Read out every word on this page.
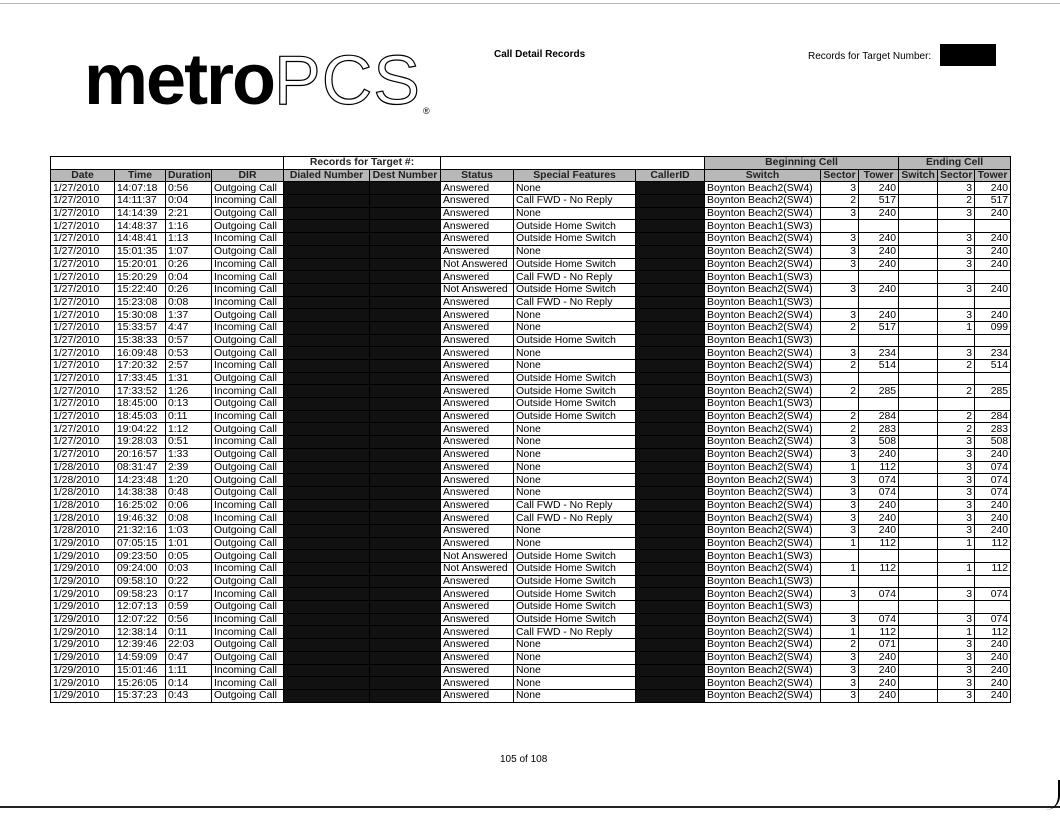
metroPCS ®
Call Detail Records	Records for Target Number:
				Records for Target #:					Beginning Cell			Ending Cell		
Date	Time	Duration	DIR	Dialed Number	Dest Number	Status	Special Features	CallerID	Switch	Sector	Tower	Switch	Sector	Tower
1/27/2010	14:07:18	0:56	Outgoing Call			Answered	None		Boynton Beach2(SW4)	3	240		3	240
1/27/2010	14:11:37	0:04	Incoming Call			Answered	Call FWD - No Reply		Boynton Beach2(SW4)	2	517		2	517
1/27/2010	14:14:39	2:21	Outgoing Call			Answered	None		Boynton Beach2(SW4)	3	240		3	240
1/27/2010	14:48:37	1:16	Outgoing Call			Answered	Outside Home Switch		Boynton Beach1(SW3)					
1/27/2010	14:48:41	1:13	Incoming Call			Answered	Outside Home Switch		Boynton Beach2(SW4)	3	240		3	240
1/27/2010	15:01:35	1:07	Outgoing Call			Answered	None		Boynton Beach2(SW4)	3	240		3	240
1/27/2010	15:20:01	0:26	Incoming Call			Not Answered	Outside Home Switch		Boynton Beach2(SW4)	3	240		3	240
1/27/2010	15:20:29	0:04	Incoming Call			Answered	Call FWD - No Reply		Boynton Beach1(SW3)					
1/27/2010	15:22:40	0:26	Incoming Call			Not Answered	Outside Home Switch		Boynton Beach2(SW4)	3	240		3	240
1/27/2010	15:23:08	0:08	Incoming Call			Answered	Call FWD - No Reply		Boynton Beach1(SW3)					
1/27/2010	15:30:08	1:37	Outgoing Call			Answered	None		Boynton Beach2(SW4)	3	240		3	240
1/27/2010	15:33:57	4:47	Incoming Call			Answered	None		Boynton Beach2(SW4)	2	517		1	099
1/27/2010	15:38:33	0:57	Outgoing Call			Answered	Outside Home Switch		Boynton Beach1(SW3)					
1/27/2010	16:09:48	0:53	Outgoing Call			Answered	None		Boynton Beach2(SW4)	3	234		3	234
1/27/2010	17:20:32	2:57	Incoming Call			Answered	None		Boynton Beach2(SW4)	2	514		2	514
1/27/2010	17:33:45	1:31	Outgoing Call			Answered	Outside Home Switch		Boynton Beach1(SW3)					
1/27/2010	17:33:52	1:26	Incoming Call			Answered	Outside Home Switch		Boynton Beach2(SW4)	2	285		2	285
1/27/2010	18:45:00	0:13	Outgoing Call			Answered	Outside Home Switch		Boynton Beach1(SW3)					
1/27/2010	18:45:03	0:11	Incoming Call			Answered	Outside Home Switch		Boynton Beach2(SW4)	2	284		2	284
1/27/2010	19:04:22	1:12	Outgoing Call			Answered	None		Boynton Beach2(SW4)	2	283		2	283
1/27/2010	19:28:03	0:51	Incoming Call			Answered	None		Boynton Beach2(SW4)	3	508		3	508
1/27/2010	20:16:57	1:33	Outgoing Call			Answered	None		Boynton Beach2(SW4)	3	240		3	240
1/28/2010	08:31:47	2:39	Outgoing Call			Answered	None		Boynton Beach2(SW4)	1	112		3	074
1/28/2010	14:23:48	1:20	Outgoing Call			Answered	None		Boynton Beach2(SW4)	3	074		3	074
1/28/2010	14:38:38	0:48	Outgoing Call			Answered	None		Boynton Beach2(SW4)	3	074		3	074
1/28/2010	16:25:02	0:06	Incoming Call			Answered	Call FWD - No Reply		Boynton Beach2(SW4)	3	240		3	240
1/28/2010	19:46:32	0:08	Incoming Call			Answered	Call FWD - No Reply		Boynton Beach2(SW4)	3	240		3	240
1/28/2010	21:32:16	1:03	Outgoing Call			Answered	None		Boynton Beach2(SW4)	3	240		3	240
1/29/2010	07:05:15	1:01	Outgoing Call			Answered	None		Boynton Beach2(SW4)	1	112		1	112
1/29/2010	09:23:50	0:05	Outgoing Call			Not Answered	Outside Home Switch		Boynton Beach1(SW3)					
1/29/2010	09:24:00	0:03	Incoming Call			Not Answered	Outside Home Switch		Boynton Beach2(SW4)	1	112		1	112
1/29/2010	09:58:10	0:22	Outgoing Call			Answered	Outside Home Switch		Boynton Beach1(SW3)					
1/29/2010	09:58:23	0:17	Incoming Call			Answered	Outside Home Switch		Boynton Beach2(SW4)	3	074		3	074
1/29/2010	12:07:13	0:59	Outgoing Call			Answered	Outside Home Switch		Boynton Beach1(SW3)					
1/29/2010	12:07:22	0:56	Incoming Call			Answered	Outside Home Switch		Boynton Beach2(SW4)	3	074		3	074
1/29/2010	12:38:14	0:11	Incoming Call			Answered	Call FWD - No Reply		Boynton Beach2(SW4)	1	112		1	112
1/29/2010	12:39:46	22:03	Outgoing Call			Answered	None		Boynton Beach2(SW4)	2	071		3	240
1/29/2010	14:59:09	0:47	Outgoing Call			Answered	None		Boynton Beach2(SW4)	3	240		3	240
1/29/2010	15:01:46	1:11	Incoming Call			Answered	None		Boynton Beach2(SW4)	3	240		3	240
1/29/2010	15:26:05	0:14	Incoming Call			Answered	None		Boynton Beach2(SW4)	3	240		3	240
1/29/2010	15:37:23	0:43	Outgoing Call			Answered	None		Boynton Beach2(SW4)	3	240		3	240
105 of 108
